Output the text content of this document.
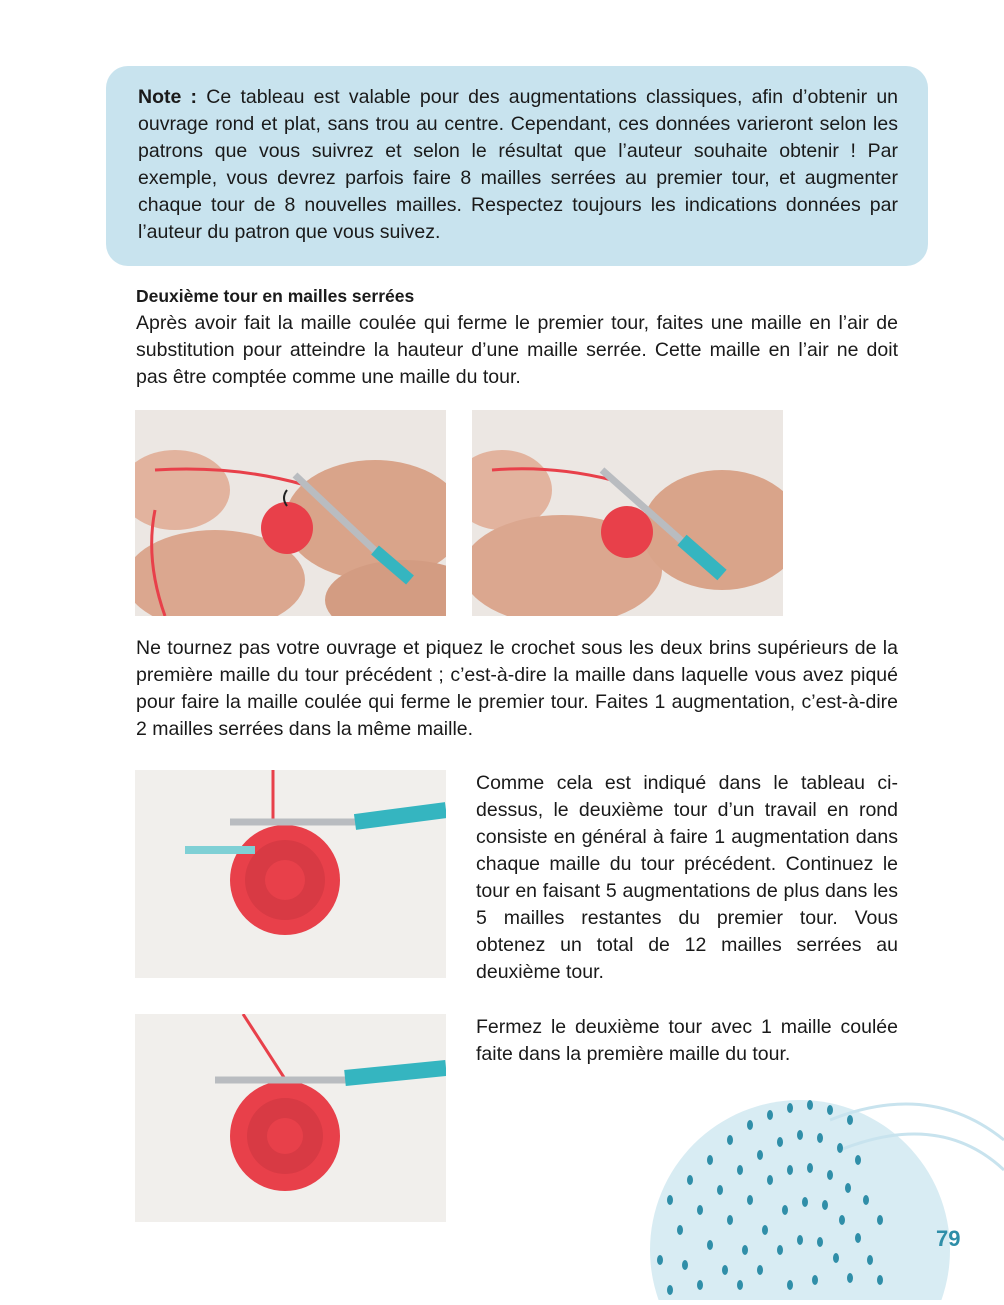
Note : Ce tableau est valable pour des augmentations classiques, afin d’obtenir un ouvrage rond et plat, sans trou au centre. Cependant, ces données varieront selon les patrons que vous suivrez et selon le résultat que l’auteur souhaite obtenir ! Par exemple, vous devrez parfois faire 8 mailles serrées au premier tour, et augmenter chaque tour de 8 nouvelles mailles. Respectez toujours les indications données par l’auteur du patron que vous suivez.
Deuxième tour en mailles serrées
Après avoir fait la maille coulée qui ferme le premier tour, faites une maille en l’air de substitution pour atteindre la hauteur d’une maille serrée. Cette maille en l’air ne doit pas être comptée comme une maille du tour.
Ne tournez pas votre ouvrage et piquez le crochet sous les deux brins supérieurs de la première maille du tour précédent ; c’est-à-dire la maille dans laquelle vous avez piqué pour faire la maille coulée qui ferme le premier tour. Faites 1 augmentation, c’est-à-dire 2 mailles serrées dans la même maille.
Comme cela est indiqué dans le tableau ci-dessus, le deuxième tour d’un travail en rond consiste en général à faire 1 augmentation dans chaque maille du tour précédent. Continuez le tour en faisant 5 augmentations de plus dans les 5 mailles restantes du premier tour. Vous obtenez un total de 12 mailles serrées au deuxième tour.
Fermez le deuxième tour avec 1 maille coulée faite dans la première maille du tour.
79
